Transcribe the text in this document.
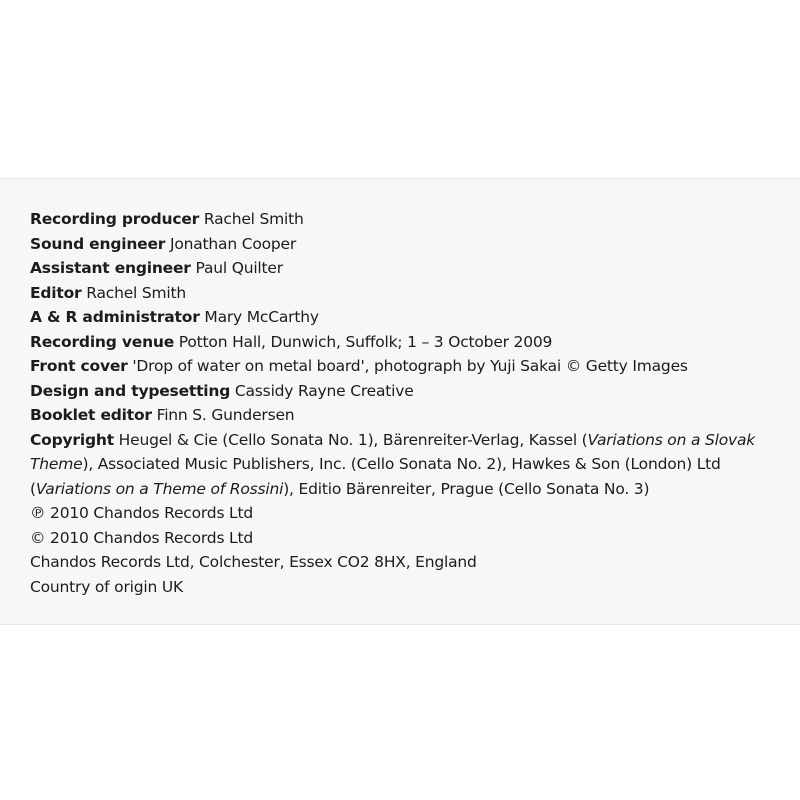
Recording producer Rachel Smith
Sound engineer Jonathan Cooper
Assistant engineer Paul Quilter
Editor Rachel Smith
A & R administrator Mary McCarthy
Recording venue Potton Hall, Dunwich, Suffolk; 1 – 3 October 2009
Front cover 'Drop of water on metal board', photograph by Yuji Sakai © Getty Images
Design and typesetting Cassidy Rayne Creative
Booklet editor Finn S. Gundersen
Copyright Heugel & Cie (Cello Sonata No. 1), Bärenreiter-Verlag, Kassel (Variations on a Slovak
Theme), Associated Music Publishers, Inc. (Cello Sonata No. 2), Hawkes & Son (London) Ltd
(Variations on a Theme of Rossini), Editio Bärenreiter, Prague (Cello Sonata No. 3)
℗ 2010 Chandos Records Ltd
© 2010 Chandos Records Ltd
Chandos Records Ltd, Colchester, Essex CO2 8HX, England
Country of origin UK
